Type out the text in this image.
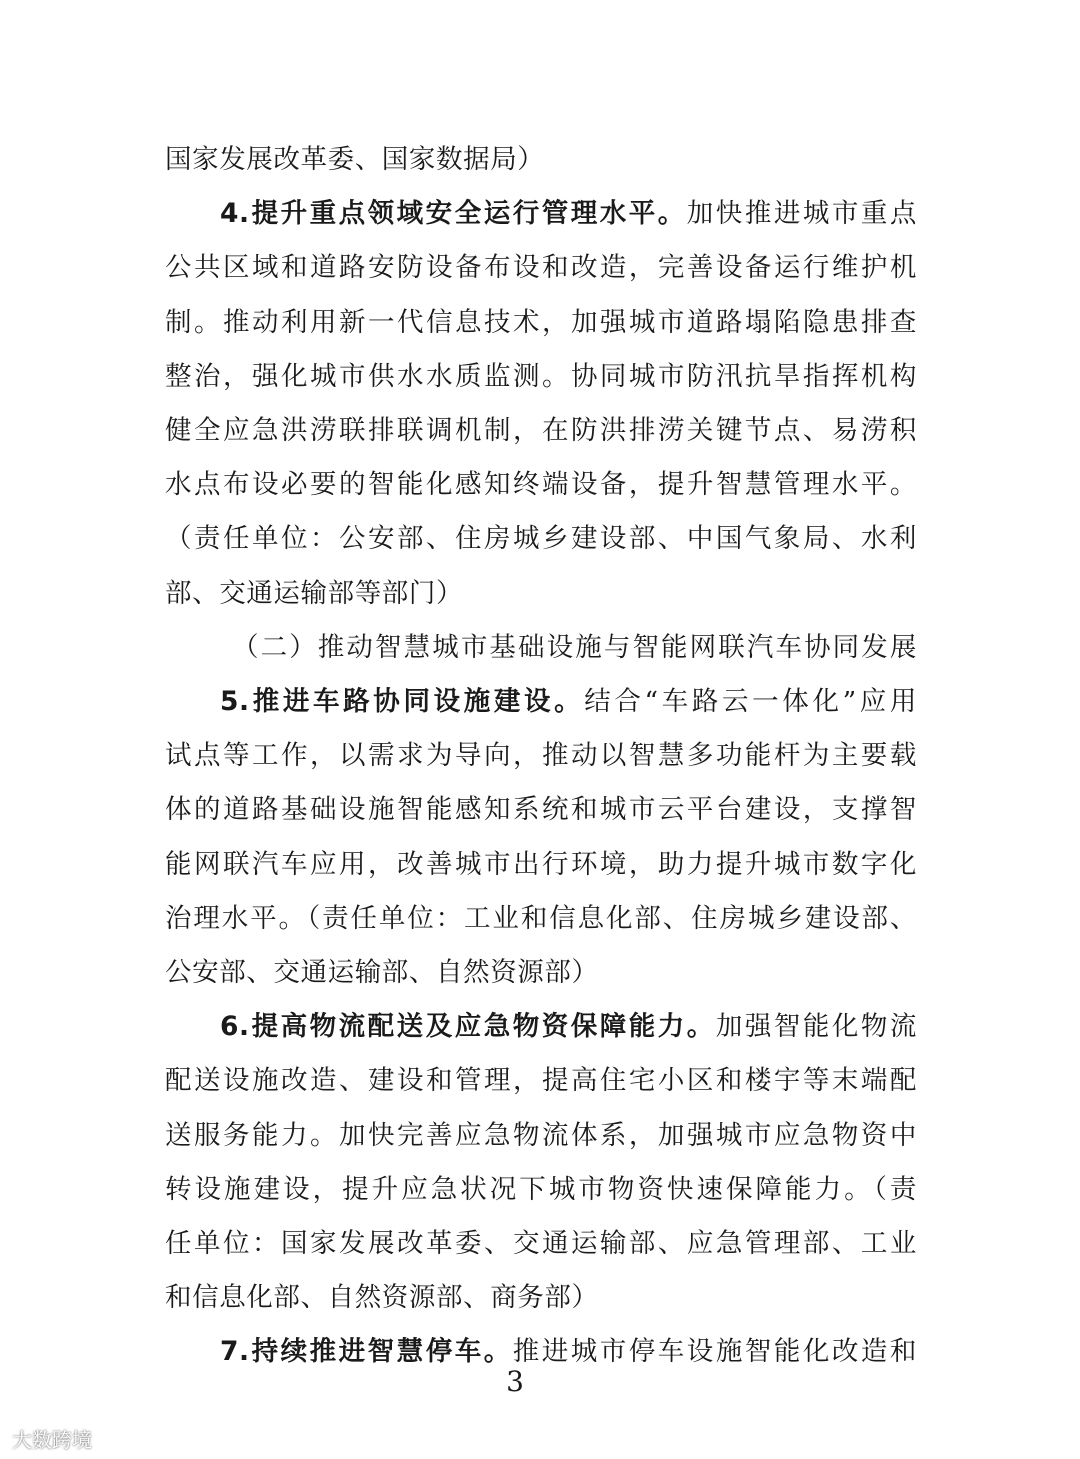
国家发展改革委、国家数据局）
4.提升重点领域安全运行管理水平。加快推进城市重点
公共区域和道路安防设备布设和改造，完善设备运行维护机
制。推动利用新一代信息技术，加强城市道路塌陷隐患排查
整治，强化城市供水水质监测。协同城市防汛抗旱指挥机构
健全应急洪涝联排联调机制，在防洪排涝关键节点、易涝积
水点布设必要的智能化感知终端设备，提升智慧管理水平。
（责任单位：公安部、住房城乡建设部、中国气象局、水利
部、交通运输部等部门）
（二）推动智慧城市基础设施与智能网联汽车协同发展
5.推进车路协同设施建设。结合“车路云一体化”应用
试点等工作，以需求为导向，推动以智慧多功能杆为主要载
体的道路基础设施智能感知系统和城市云平台建设，支撑智
能网联汽车应用，改善城市出行环境，助力提升城市数字化
治理水平。（责任单位：工业和信息化部、住房城乡建设部、
公安部、交通运输部、自然资源部）
6.提高物流配送及应急物资保障能力。加强智能化物流
配送设施改造、建设和管理，提高住宅小区和楼宇等末端配
送服务能力。加快完善应急物流体系，加强城市应急物资中
转设施建设，提升应急状况下城市物资快速保障能力。（责
任单位：国家发展改革委、交通运输部、应急管理部、工业
和信息化部、自然资源部、商务部）
7.持续推进智慧停车。推进城市停车设施智能化改造和
3
大数跨境
